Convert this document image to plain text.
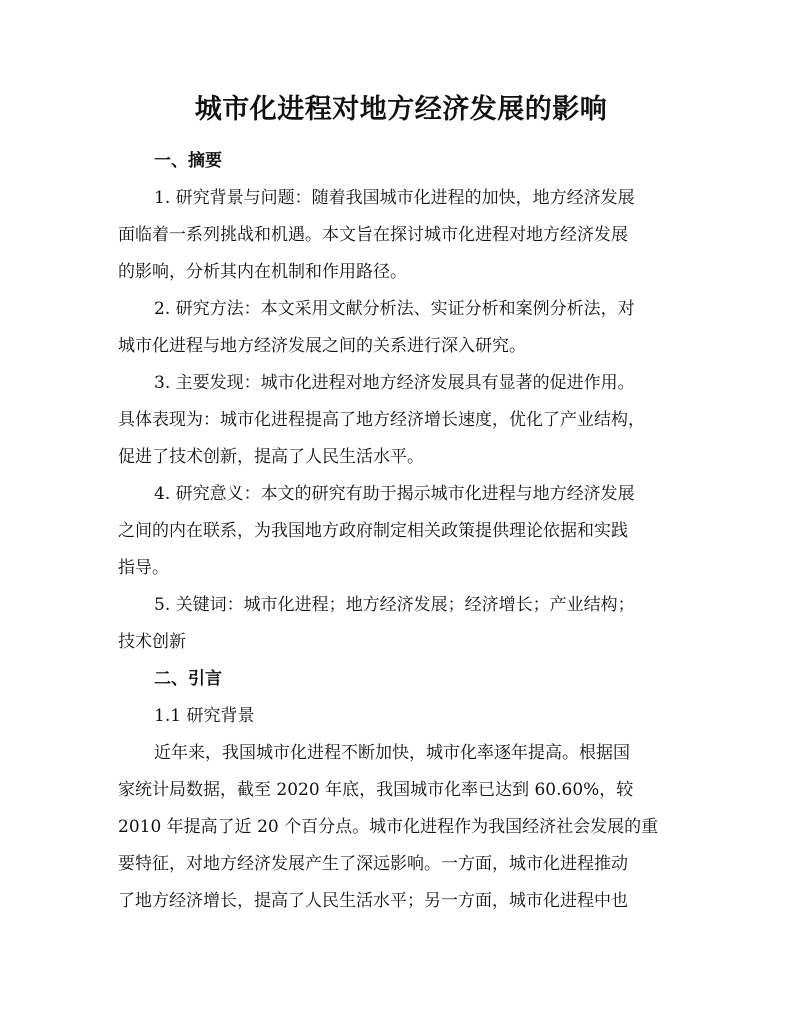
城市化进程对地方经济发展的影响
一、摘要
1. 研究背景与问题：随着我国城市化进程的加快，地方经济发展
面临着一系列挑战和机遇。本文旨在探讨城市化进程对地方经济发展
的影响，分析其内在机制和作用路径。
2. 研究方法：本文采用文献分析法、实证分析和案例分析法，对
城市化进程与地方经济发展之间的关系进行深入研究。
3. 主要发现：城市化进程对地方经济发展具有显著的促进作用。
具体表现为：城市化进程提高了地方经济增长速度，优化了产业结构，
促进了技术创新，提高了人民生活水平。
4. 研究意义：本文的研究有助于揭示城市化进程与地方经济发展
之间的内在联系，为我国地方政府制定相关政策提供理论依据和实践
指导。
5. 关键词：城市化进程；地方经济发展；经济增长；产业结构；
技术创新
二、引言
1.1 研究背景
近年来，我国城市化进程不断加快，城市化率逐年提高。根据国
家统计局数据，截至 2020 年底，我国城市化率已达到 60.60%，较
2010 年提高了近 20 个百分点。城市化进程作为我国经济社会发展的重
要特征，对地方经济发展产生了深远影响。一方面，城市化进程推动
了地方经济增长，提高了人民生活水平；另一方面，城市化进程中也
